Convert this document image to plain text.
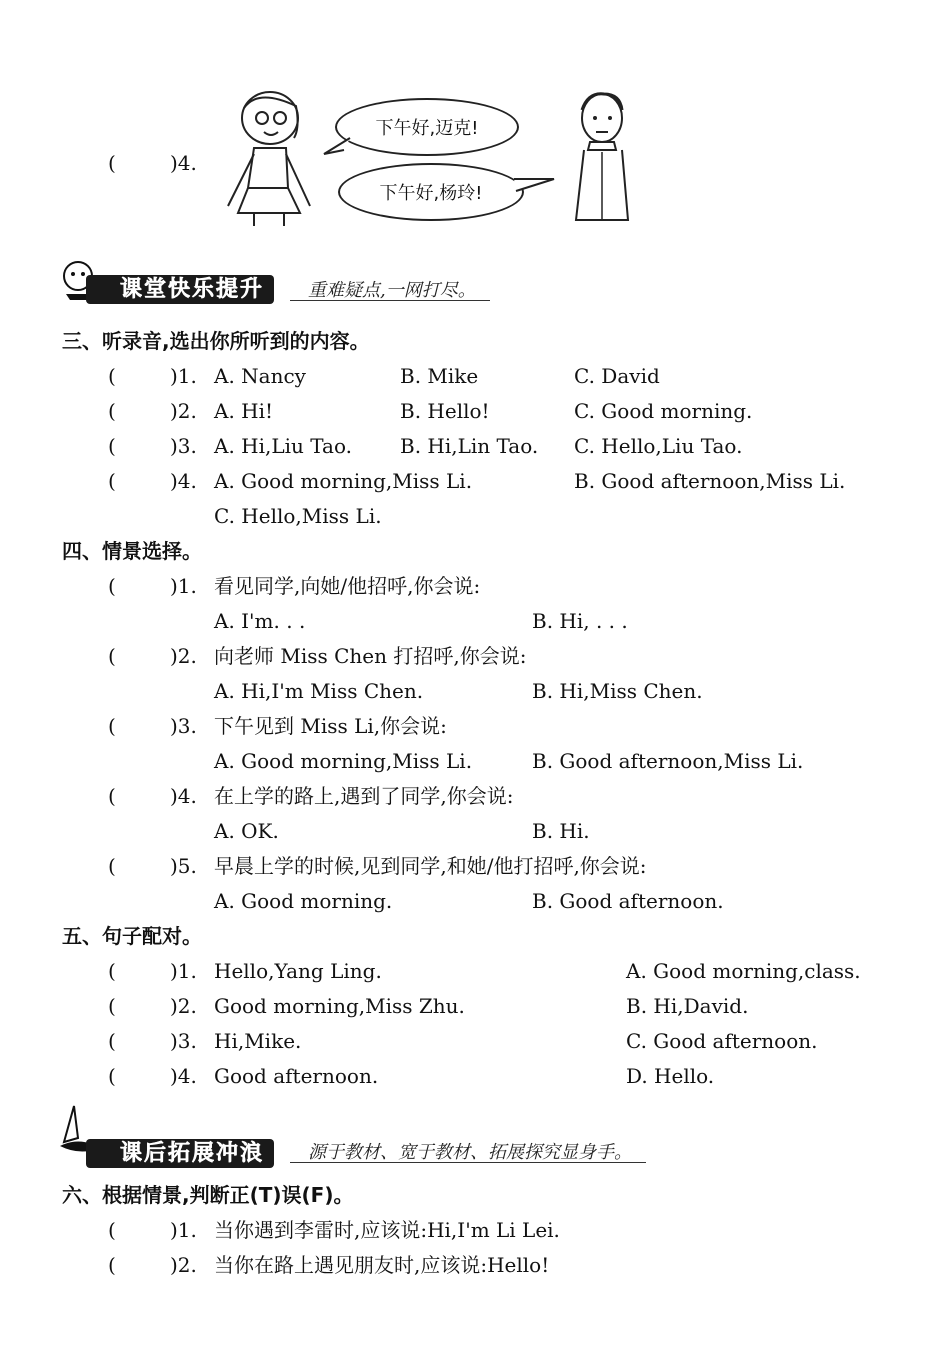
(	)4.
下午好,迈克!
下午好,杨玲!
课堂快乐提升	重难疑点,一网打尽。
三、听录音,选出你所听到的内容。
(	)1. A. Nancy	B. Mike	C. David
(	)2. A. Hi!	B. Hello!	C. Good morning.
(	)3. A. Hi,Liu Tao. B. Hi,Lin Tao. C. Hello,Liu Tao.
(	)4. A. Good morning,Miss Li.	B. Good afternoon,Miss Li.
C. Hello,Miss Li.
四、情景选择。
(	)1. 看见同学,向她/他招呼,你会说:
A. I'm. . .	B. Hi, . . .
(	)2. 向老师 Miss Chen 打招呼,你会说:
A. Hi,I'm Miss Chen.	B. Hi,Miss Chen.
(	)3. 下午见到 Miss Li,你会说:
A. Good morning,Miss Li.	B. Good afternoon,Miss Li.
(	)4. 在上学的路上,遇到了同学,你会说:
A. OK.	B. Hi.
(	)5. 早晨上学的时候,见到同学,和她/他打招呼,你会说:
A. Good morning.	B. Good afternoon.
五、句子配对。
(	)1. Hello,Yang Ling.	A. Good morning,class.
(	)2. Good morning,Miss Zhu.	B. Hi,David.
(	)3. Hi,Mike.	C. Good afternoon.
(	)4. Good afternoon.	D. Hello.
课后拓展冲浪	源于教材、宽于教材、拓展探究显身手。
六、根据情景,判断正(T)误(F)。
(	)1. 当你遇到李雷时,应该说:Hi,I'm Li Lei.
(	)2. 当你在路上遇见朋友时,应该说:Hello!
